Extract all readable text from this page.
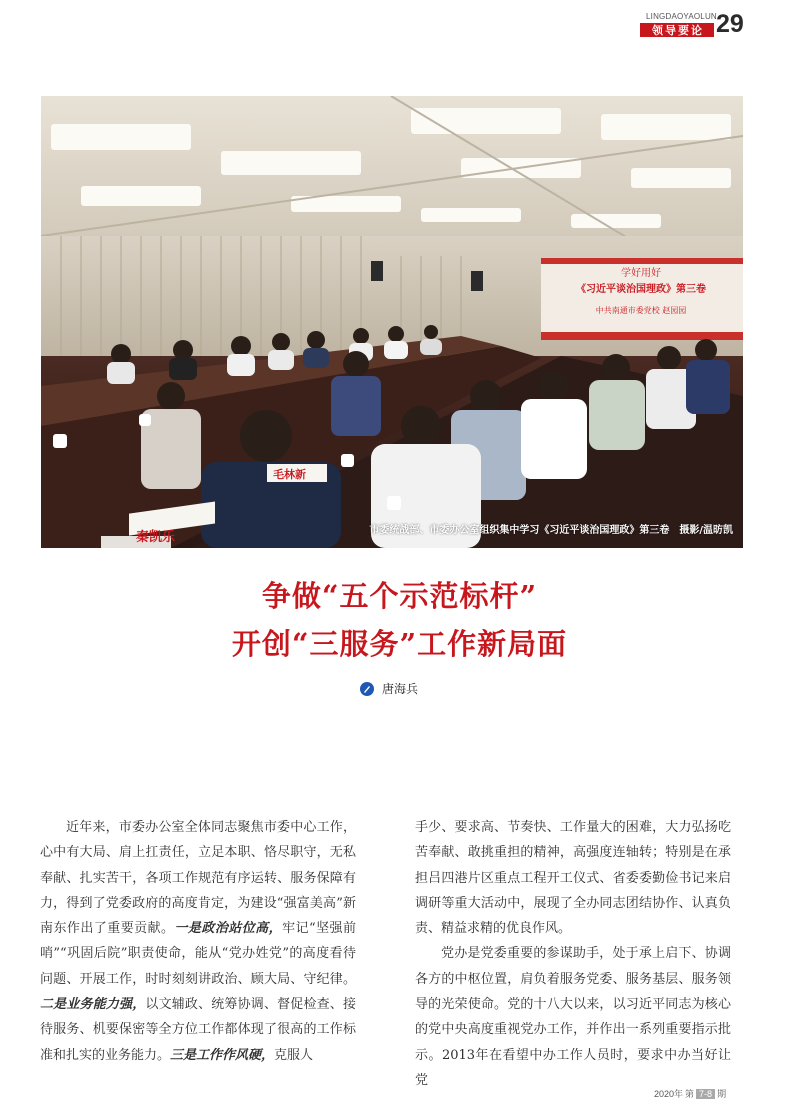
LINGDAOYAOLUN
领导要论 29
学好用好
《习近平谈治国理政》第三卷
中共南通市委党校 赵园园
秦凯乐
毛林新
市委统战部、市委办公室组织集中学习《习近平谈治国理政》第三卷 摄影/温昉凯
争做“五个示范标杆”
开创“三服务”工作新局面
唐海兵

近年来，市委办公室全体同志聚焦市委中心工作，心中有大局、肩上扛责任，立足本职、恪尽职守，无私奉献、扎实苦干，各项工作规范有序运转、服务保障有力，得到了党委政府的高度肯定，为建设“强富美高”新南东作出了重要贡献。一是政治站位高，牢记“坚强前哨”“巩固后院”职责使命，能从“党办姓党”的高度看待问题、开展工作，时时刻刻讲政治、顾大局、守纪律。二是业务能力强，以文辅政、统筹协调、督促检查、接待服务、机要保密等全方位工作都体现了很高的工作标准和扎实的业务能力。三是工作作风硬，克服人

手少、要求高、节奏快、工作量大的困难，大力弘扬吃苦奉献、敢挑重担的精神，高强度连轴转；特别是在承担吕四港片区重点工程开工仪式、省委委勤俭书记来启调研等重大活动中，展现了全办同志团结协作、认真负责、精益求精的优良作风。

党办是党委重要的参谋助手，处于承上启下、协调各方的中枢位置，肩负着服务党委、服务基层、服务领导的光荣使命。党的十八大以来，以习近平同志为核心的党中央高度重视党办工作，并作出一系列重要指示批示。2013年在看望中办工作人员时，要求中办当好让党

2020年 第 7-8 期
